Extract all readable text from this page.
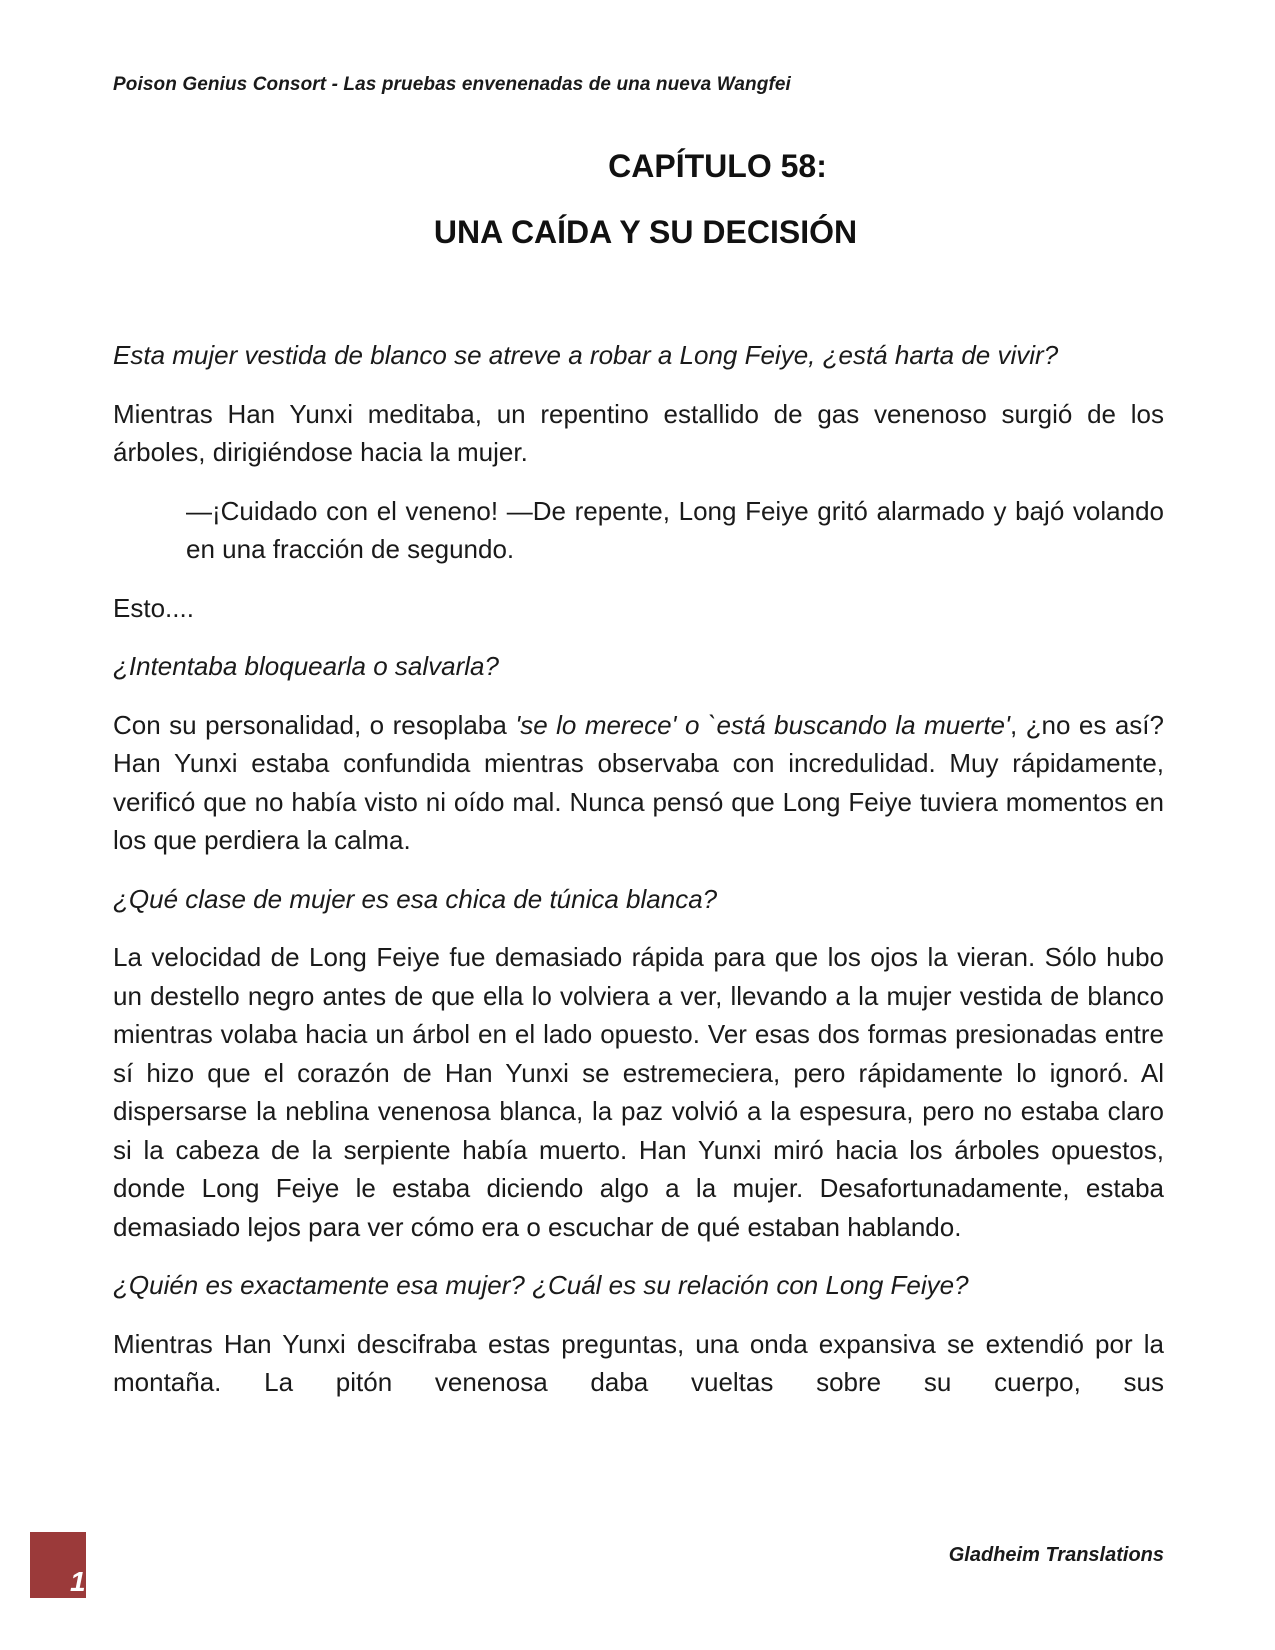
Poison Genius Consort - Las pruebas envenenadas de una nueva Wangfei
CAPÍTULO 58:
UNA CAÍDA Y SU DECISIÓN

Esta mujer vestida de blanco se atreve a robar a Long Feiye, ¿está harta de vivir?

Mientras Han Yunxi meditaba, un repentino estallido de gas venenoso surgió de los árboles, dirigiéndose hacia la mujer.

—¡Cuidado con el veneno! —De repente, Long Feiye gritó alarmado y bajó volando en una fracción de segundo.

Esto....

¿Intentaba bloquearla o salvarla?

Con su personalidad, o resoplaba 'se lo merece' o `está buscando la muerte', ¿no es así? Han Yunxi estaba confundida mientras observaba con incredulidad. Muy rápidamente, verificó que no había visto ni oído mal. Nunca pensó que Long Feiye tuviera momentos en los que perdiera la calma.

¿Qué clase de mujer es esa chica de túnica blanca?

La velocidad de Long Feiye fue demasiado rápida para que los ojos la vieran. Sólo hubo un destello negro antes de que ella lo volviera a ver, llevando a la mujer vestida de blanco mientras volaba hacia un árbol en el lado opuesto. Ver esas dos formas presionadas entre sí hizo que el corazón de Han Yunxi se estremeciera, pero rápidamente lo ignoró. Al dispersarse la neblina venenosa blanca, la paz volvió a la espesura, pero no estaba claro si la cabeza de la serpiente había muerto. Han Yunxi miró hacia los árboles opuestos, donde Long Feiye le estaba diciendo algo a la mujer. Desafortunadamente, estaba demasiado lejos para ver cómo era o escuchar de qué estaban hablando.

¿Quién es exactamente esa mujer? ¿Cuál es su relación con Long Feiye?

Mientras Han Yunxi descifraba estas preguntas, una onda expansiva se extendió por la montaña. La pitón venenosa daba vueltas sobre su cuerpo, sus

1
Gladheim Translations
